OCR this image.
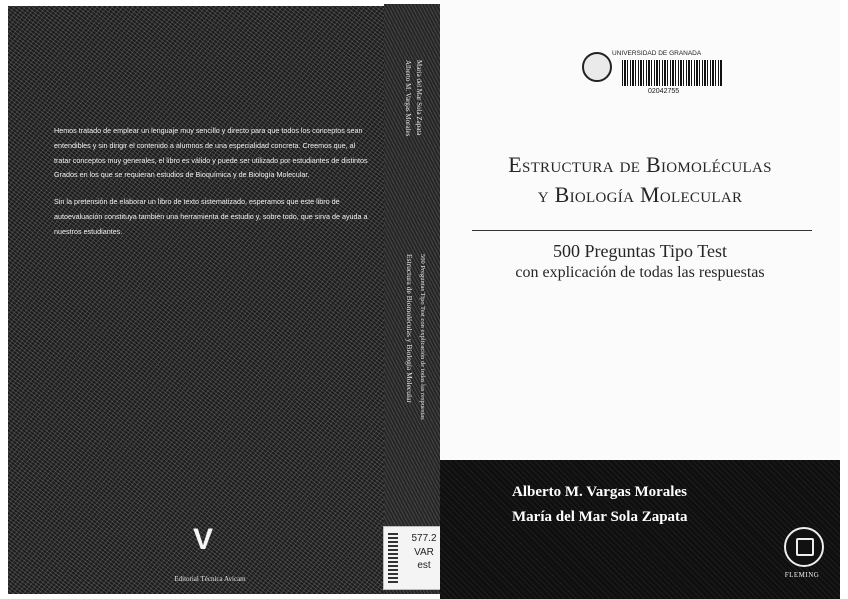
Hemos tratado de emplear un lenguaje muy sencillo y directo para que todos los conceptos sean entendibles y sin dirigir el contenido a alumnos de una especialidad concreta. Creemos que, al tratar conceptos muy generales, el libro es válido y puede ser utilizado por estudiantes de distintos Grados en los que se requieran estudios de Bioquímica y de Biología Molecular.

Sin la pretensión de elaborar un libro de texto sistematizado, esperamos que este libro de autoevaluación constituya también una herramienta de estudio y, sobre todo, que sirva de ayuda a nuestros estudiantes.

V
Editorial Técnica Avicam
Alberto M. Vargas Morales María del Mar Sola Zapata
Estructura de Biomoléculas y Biología Molecular 500 Preguntas Tipo Test con explicación de todas las respuestas
577.2
VAR
est
UNIVERSIDAD DE GRANADA
02042755
Estructura de Biomoléculas
y Biología Molecular
500 Preguntas Tipo Test
con explicación de todas las respuestas
Alberto M. Vargas Morales
María del Mar Sola Zapata
FLEMING
